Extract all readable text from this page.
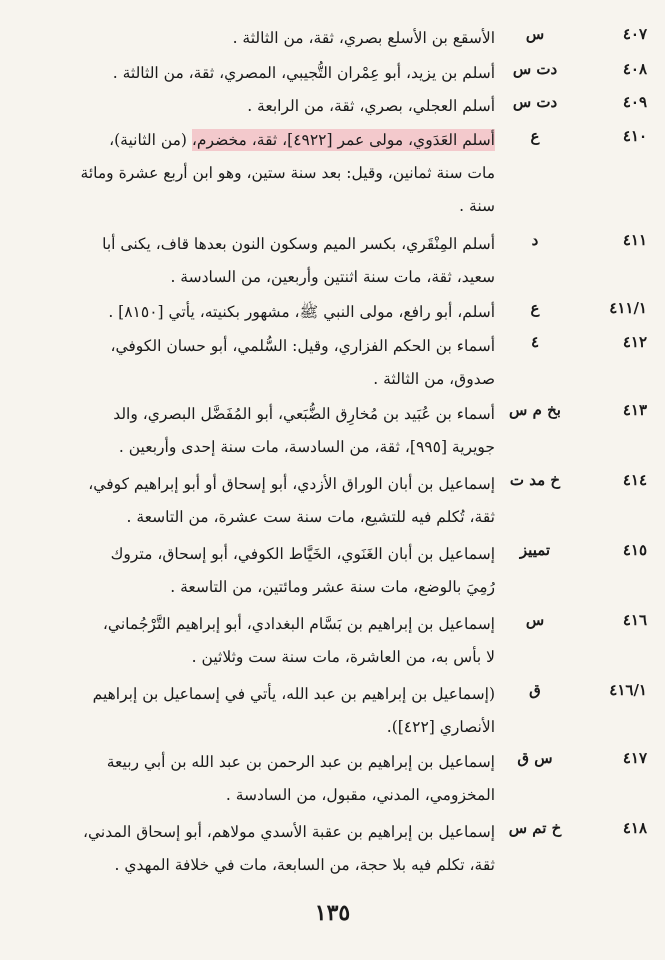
٤٠٧
س
الأسقع بن الأسلع بصري، ثقة، من الثالثة .
٤٠٨
دت س
أسلم بن يزيد، أبو عِمْران التُّجيبي، المصري، ثقة، من الثالثة .
٤٠٩
دت س
أسلم العجلي، بصري، ثقة، من الرابعة .
٤١٠
ع
أسلم العَدَوي، مولى عمر [٤٩٢٢]، ثقة، مخضرم، (من الثانية)،
مات سنة ثمانين، وقيل: بعد سنة ستين، وهو ابن أربع عشرة ومائة
سنة .
٤١١
د
أسلم المِنْقَري، بكسر الميم وسكون النون بعدها قاف، يكنى أبا
سعيد، ثقة، مات سنة اثنتين وأربعين، من السادسة .
٤١١/١
ع
أسلم، أبو رافع، مولى النبي ﷺ، مشهور بكنيته، يأتي [٨١٥٠] .
٤١٢
٤
أسماء بن الحكم الفزاري، وقيل: السُّلمي، أبو حسان الكوفي،
صدوق، من الثالثة .
٤١٣
بخ م س
أسماء بن عُبَيد بن مُخارِق الضُّبَعي، أبو المُفَضَّل البصري، والد
جويرية [٩٩٥]، ثقة، من السادسة، مات سنة إحدى وأربعين .
٤١٤
خ مد ت
إسماعيل بن أبان الوراق الأزدي، أبو إسحاق أو أبو إبراهيم كوفي،
ثقة، تُكلم فيه للتشيع، مات سنة ست عشرة، من التاسعة .
٤١٥
تمييز
إسماعيل بن أبان الغَنَوي، الخَيَّاط الكوفي، أبو إسحاق، متروك
رُمِيَ بالوضع، مات سنة عشر ومائتين، من التاسعة .
٤١٦
س
إسماعيل بن إبراهيم بن بَسَّام البغدادي، أبو إبراهيم التَّرْجُماني،
لا بأس به، من العاشرة، مات سنة ست وثلاثين .
٤١٦/١
ق
(إسماعيل بن إبراهيم بن عبد الله، يأتي في إسماعيل بن إبراهيم
الأنصاري [٤٢٢]).
٤١٧
س ق
إسماعيل بن إبراهيم بن عبد الرحمن بن عبد الله بن أبي ربيعة
المخزومي، المدني، مقبول، من السادسة .
٤١٨
خ تم س
إسماعيل بن إبراهيم بن عقبة الأسدي مولاهم، أبو إسحاق المدني،
ثقة، تكلم فيه بلا حجة، من السابعة، مات في خلافة المهدي .
١٣٥
